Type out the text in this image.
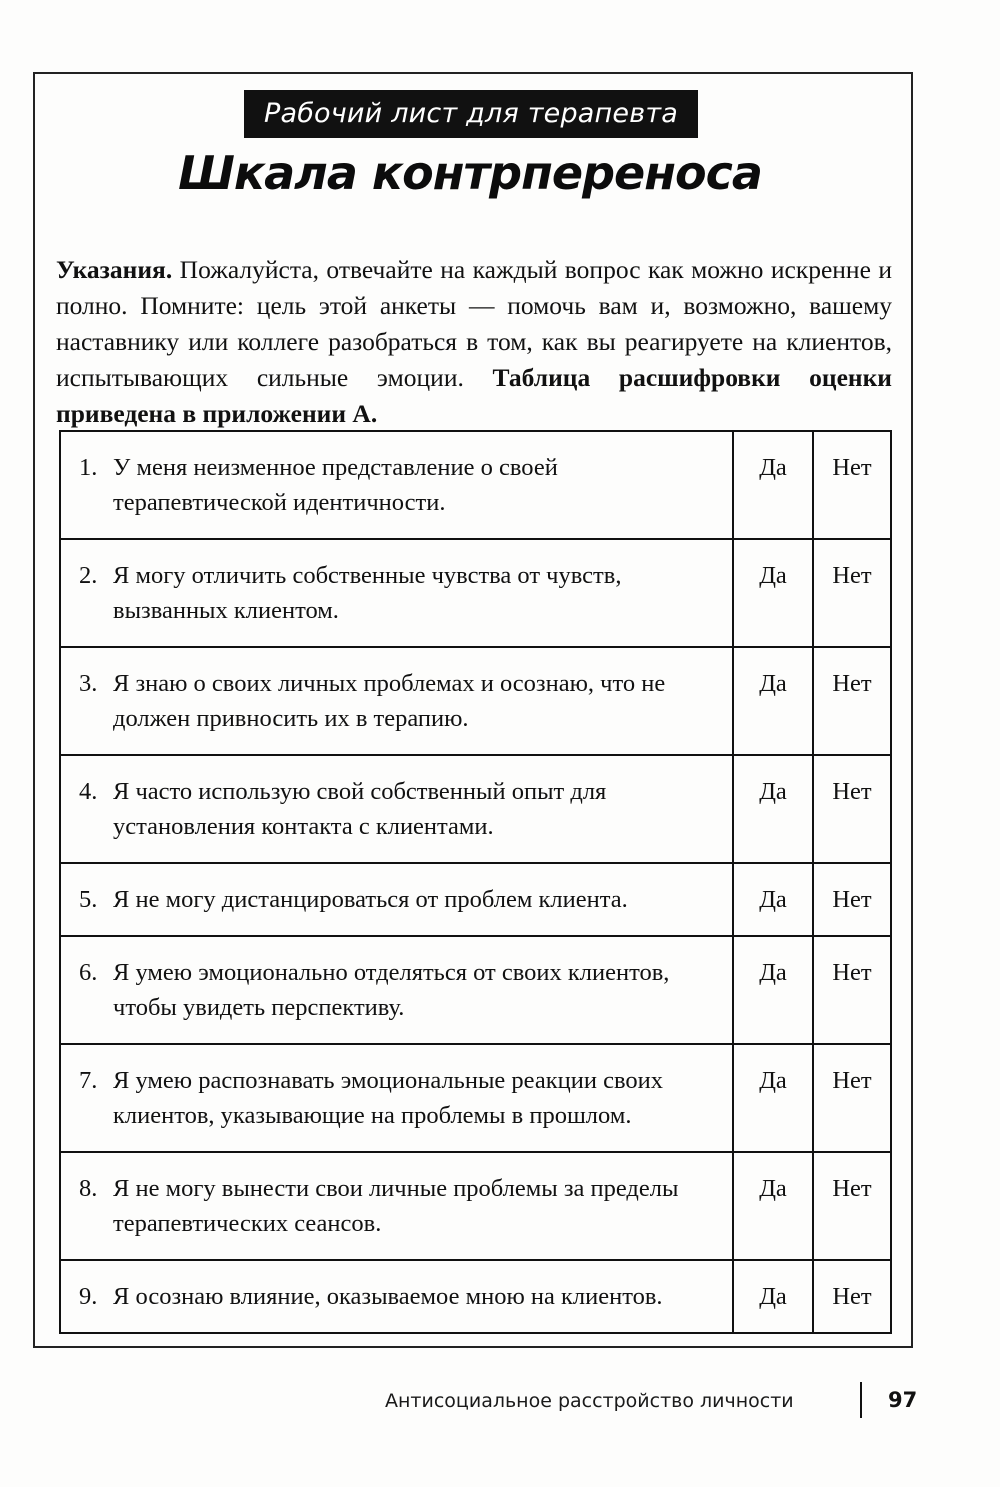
Рабочий лист для терапевта
Шкала контрпереноса
Указания. Пожалуйста, отвечайте на каждый вопрос как можно искренне и полно. Помните: цель этой анкеты — помочь вам и, возможно, вашему наставнику или коллеге разобраться в том, как вы реагируете на клиентов, испытывающих сильные эмоции. Таблица расшифровки оценки приведена в приложении А.
1. У меня неизменное представление о своей терапевтической идентичности.	Да	Нет
2. Я могу отличить собственные чувства от чувств, вызванных клиентом.	Да	Нет
3. Я знаю о своих личных проблемах и осознаю, что не должен привносить их в терапию.	Да	Нет
4. Я часто использую свой собственный опыт для установления контакта с клиентами.	Да	Нет
5. Я не могу дистанцироваться от проблем клиента.	Да	Нет
6. Я умею эмоционально отделяться от своих клиентов, чтобы увидеть перспективу.	Да	Нет
7. Я умею распознавать эмоциональные реакции своих клиентов, указывающие на проблемы в прошлом.	Да	Нет
8. Я не могу вынести свои личные проблемы за пределы терапевтических сеансов.	Да	Нет
9. Я осознаю влияние, оказываемое мною на клиентов.	Да	Нет
Антисоциальное расстройство личности	97
